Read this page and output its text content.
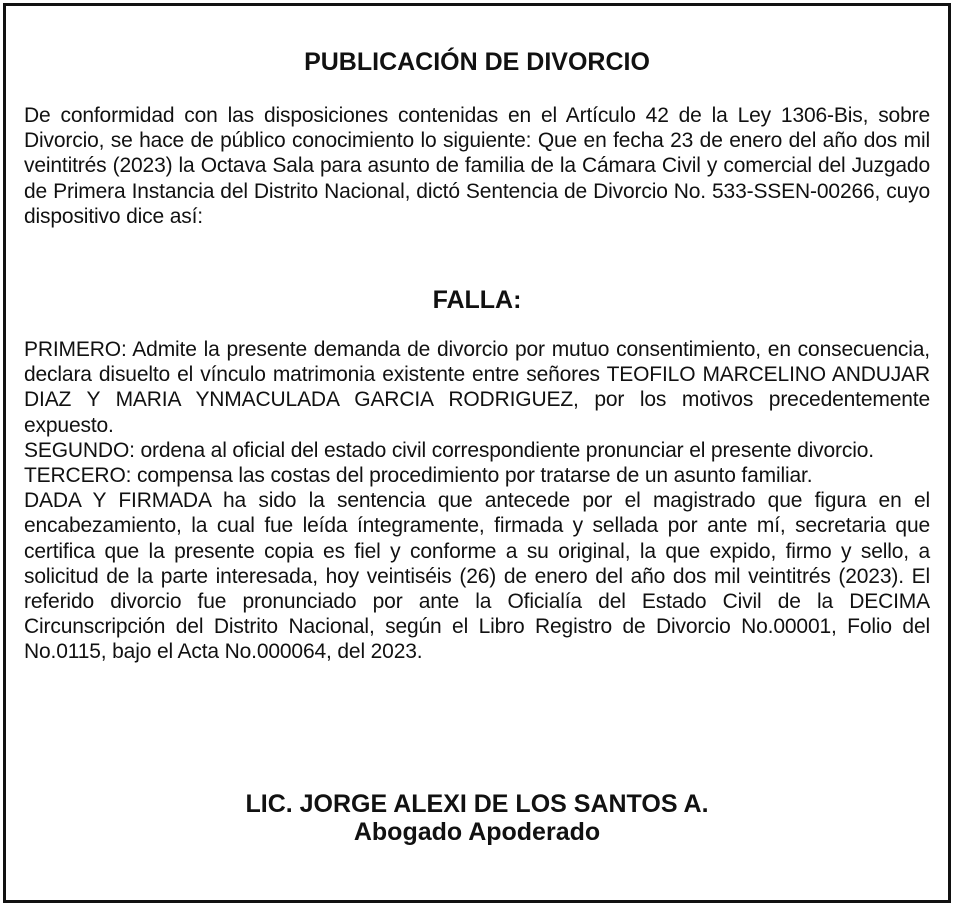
PUBLICACIÓN DE DIVORCIO

De conformidad con las disposiciones contenidas en el Artículo 42 de la Ley 1306-Bis, sobre Divorcio, se hace de público conocimiento lo siguiente: Que en fecha 23 de enero del año dos mil veintitrés (2023) la Octava Sala para asunto de familia de la Cámara Civil y comercial del Juzgado de Primera Instancia del Distrito Nacional, dictó Sentencia de Divorcio No. 533-SSEN-00266, cuyo dispositivo dice así:

FALLA:

PRIMERO: Admite la presente demanda de divorcio por mutuo consentimiento, en consecuencia, declara disuelto el vínculo matrimonia existente entre señores TEOFILO MARCELINO ANDUJAR DIAZ Y MARIA YNMACULADA GARCIA RODRIGUEZ, por los motivos precedentemente expuesto.

SEGUNDO: ordena al oficial del estado civil correspondiente pronunciar el presente divorcio.

TERCERO: compensa las costas del procedimiento por tratarse de un asunto familiar.

DADA Y FIRMADA ha sido la sentencia que antecede por el magistrado que figura en el encabezamiento, la cual fue leída íntegramente, firmada y sellada por ante mí, secretaria que certifica que la presente copia es fiel y conforme a su original, la que expido, firmo y sello, a solicitud de la parte interesada, hoy veintiséis (26) de enero del año dos mil veintitrés (2023). El referido divorcio fue pronunciado por ante la Oficialía del Estado Civil de la DECIMA Circunscripción del Distrito Nacional, según el Libro Registro de Divorcio No.00001, Folio del No.0115, bajo el Acta No.000064, del 2023.

LIC. JORGE ALEXI DE LOS SANTOS A.
Abogado Apoderado
